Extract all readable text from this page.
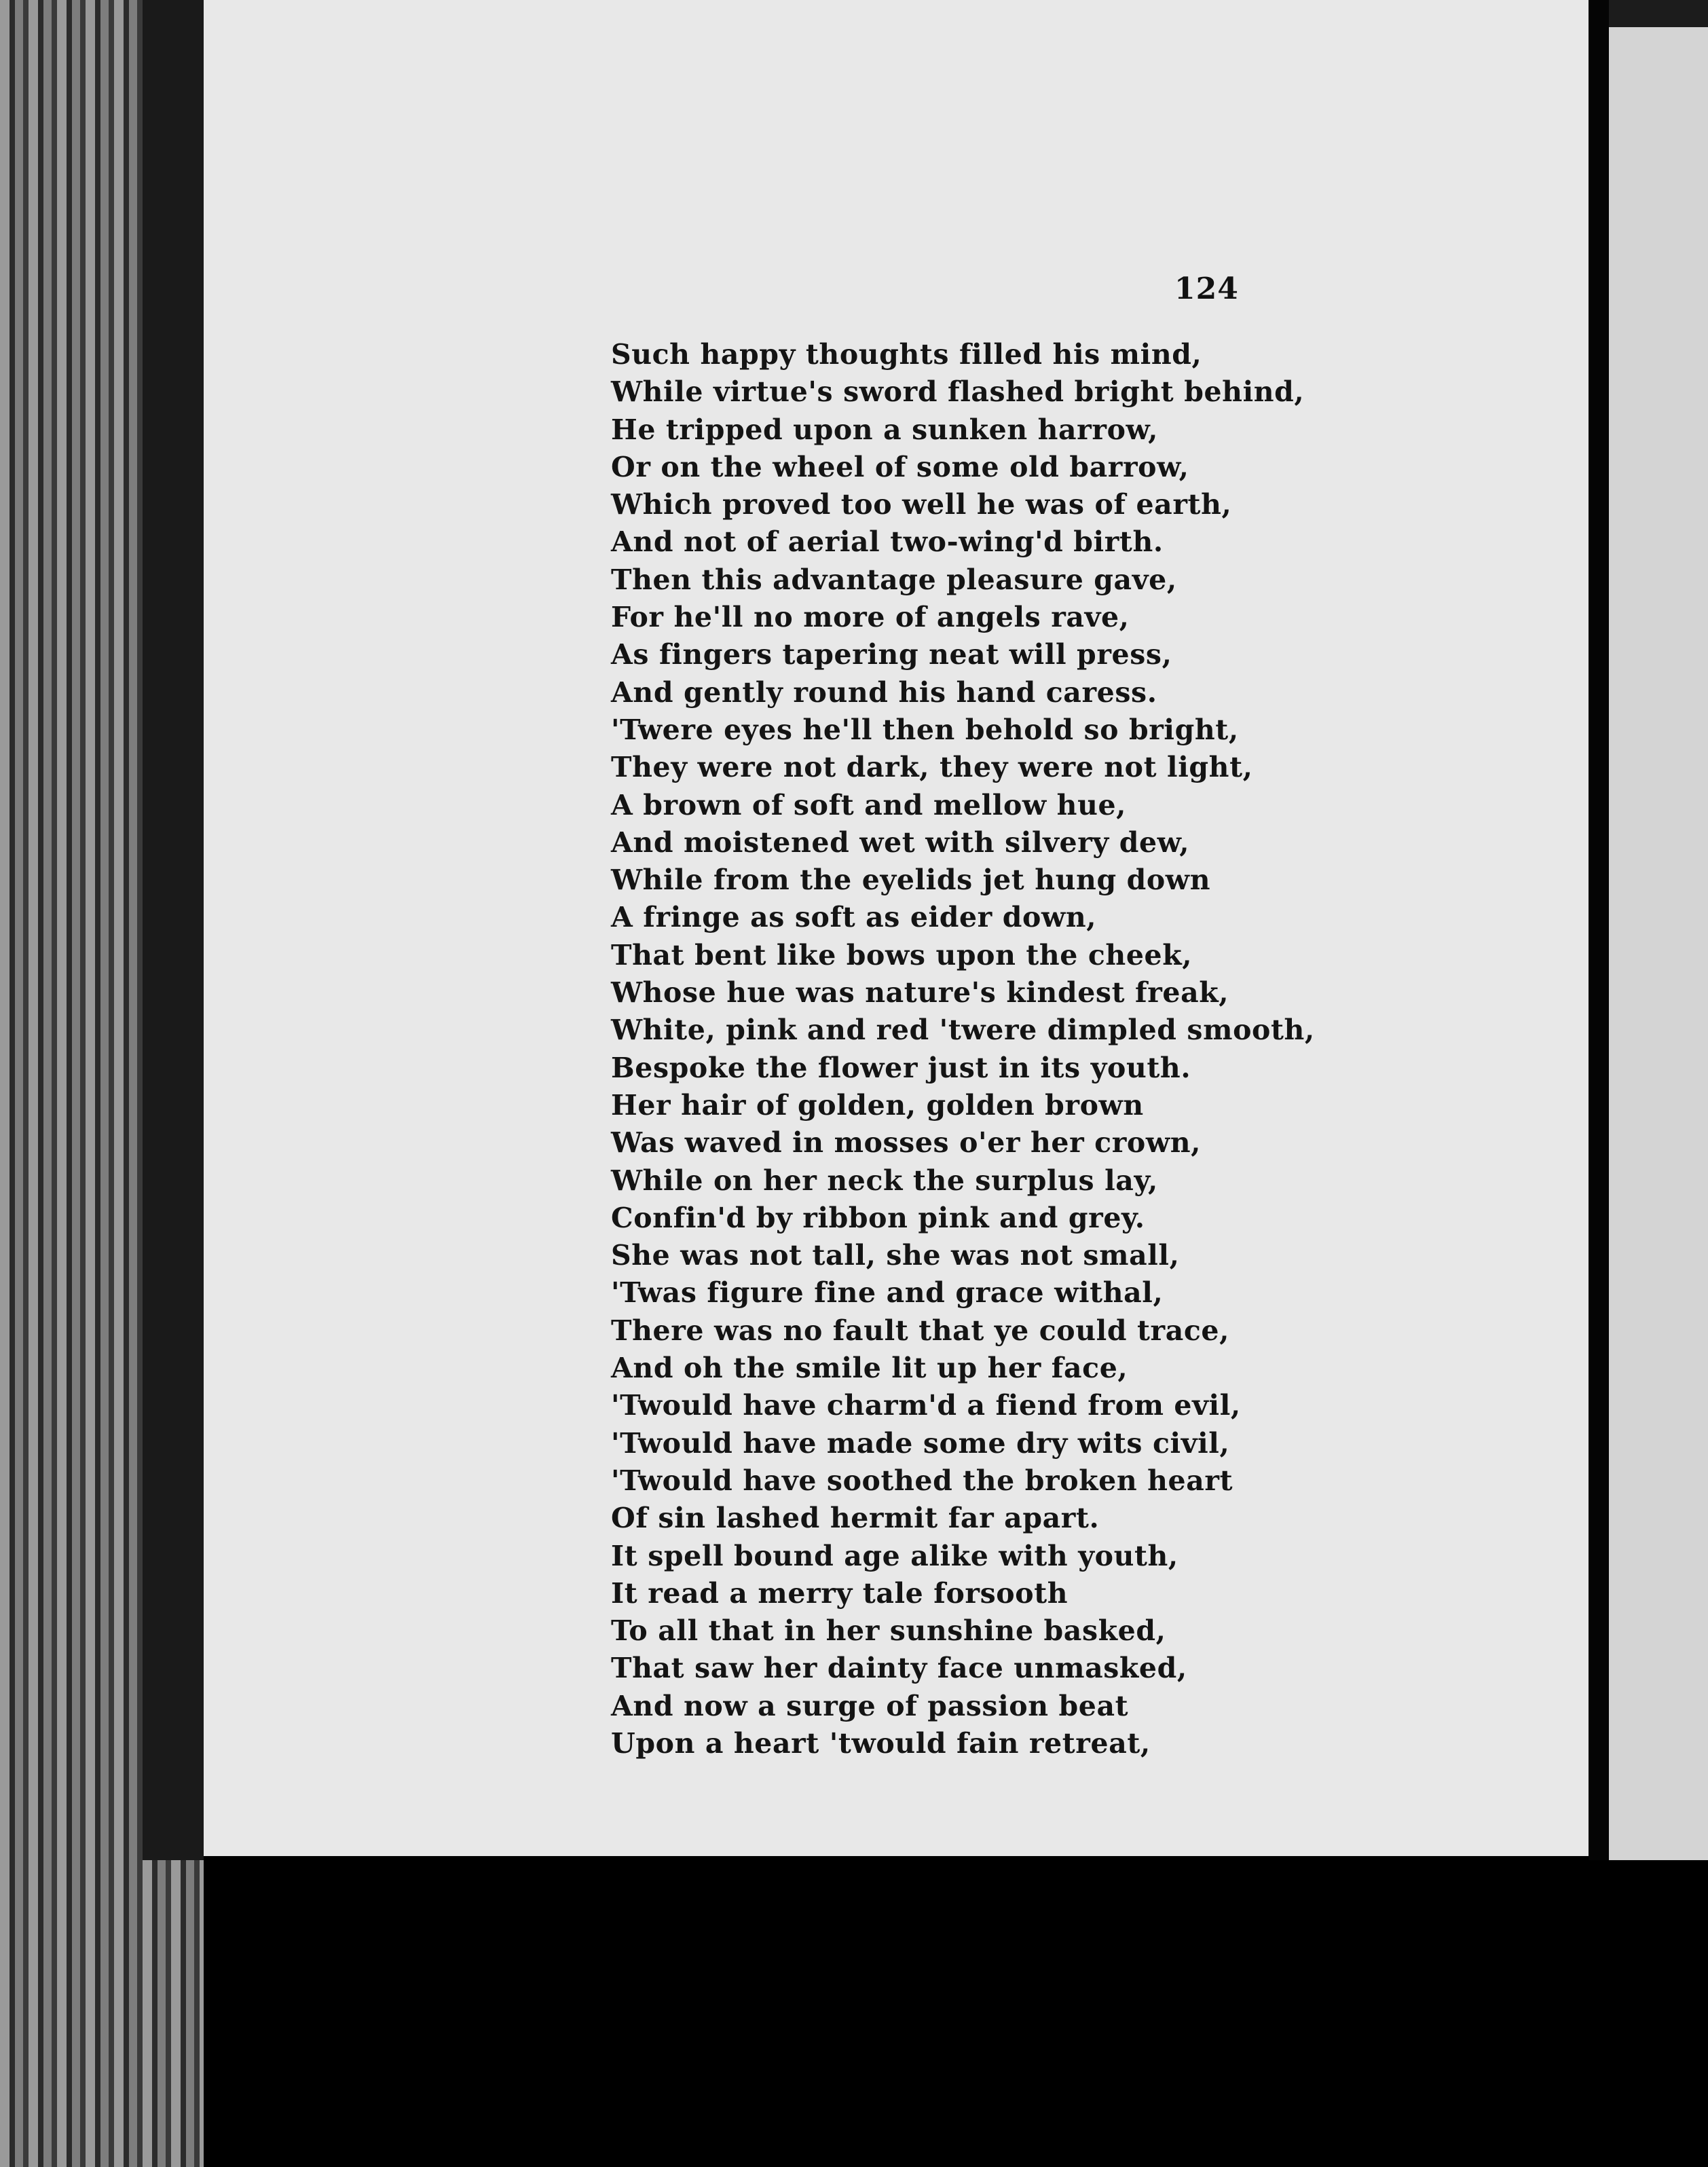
124
Such happy thoughts filled his mind,
While virtue's sword flashed bright behind,
He tripped upon a sunken harrow,
Or on the wheel of some old barrow,
Which proved too well he was of earth,
And not of aerial two-wing'd birth.
Then this advantage pleasure gave,
For he'll no more of angels rave,
As fingers tapering neat will press,
And gently round his hand caress.
'Twere eyes he'll then behold so bright,
They were not dark, they were not light,
A brown of soft and mellow hue,
And moistened wet with silvery dew,
While from the eyelids jet hung down
A fringe as soft as eider down,
That bent like bows upon the cheek,
Whose hue was nature's kindest freak,
White, pink and red 'twere dimpled smooth,
Bespoke the flower just in its youth.
Her hair of golden, golden brown
Was waved in mosses o'er her crown,
While on her neck the surplus lay,
Confin'd by ribbon pink and grey.
She was not tall, she was not small,
'Twas figure fine and grace withal,
There was no fault that ye could trace,
And oh the smile lit up her face,
'Twould have charm'd a fiend from evil,
'Twould have made some dry wits civil,
'Twould have soothed the broken heart
Of sin lashed hermit far apart.
It spell bound age alike with youth,
It read a merry tale forsooth
To all that in her sunshine basked,
That saw her dainty face unmasked,
And now a surge of passion beat
Upon a heart 'twould fain retreat,
